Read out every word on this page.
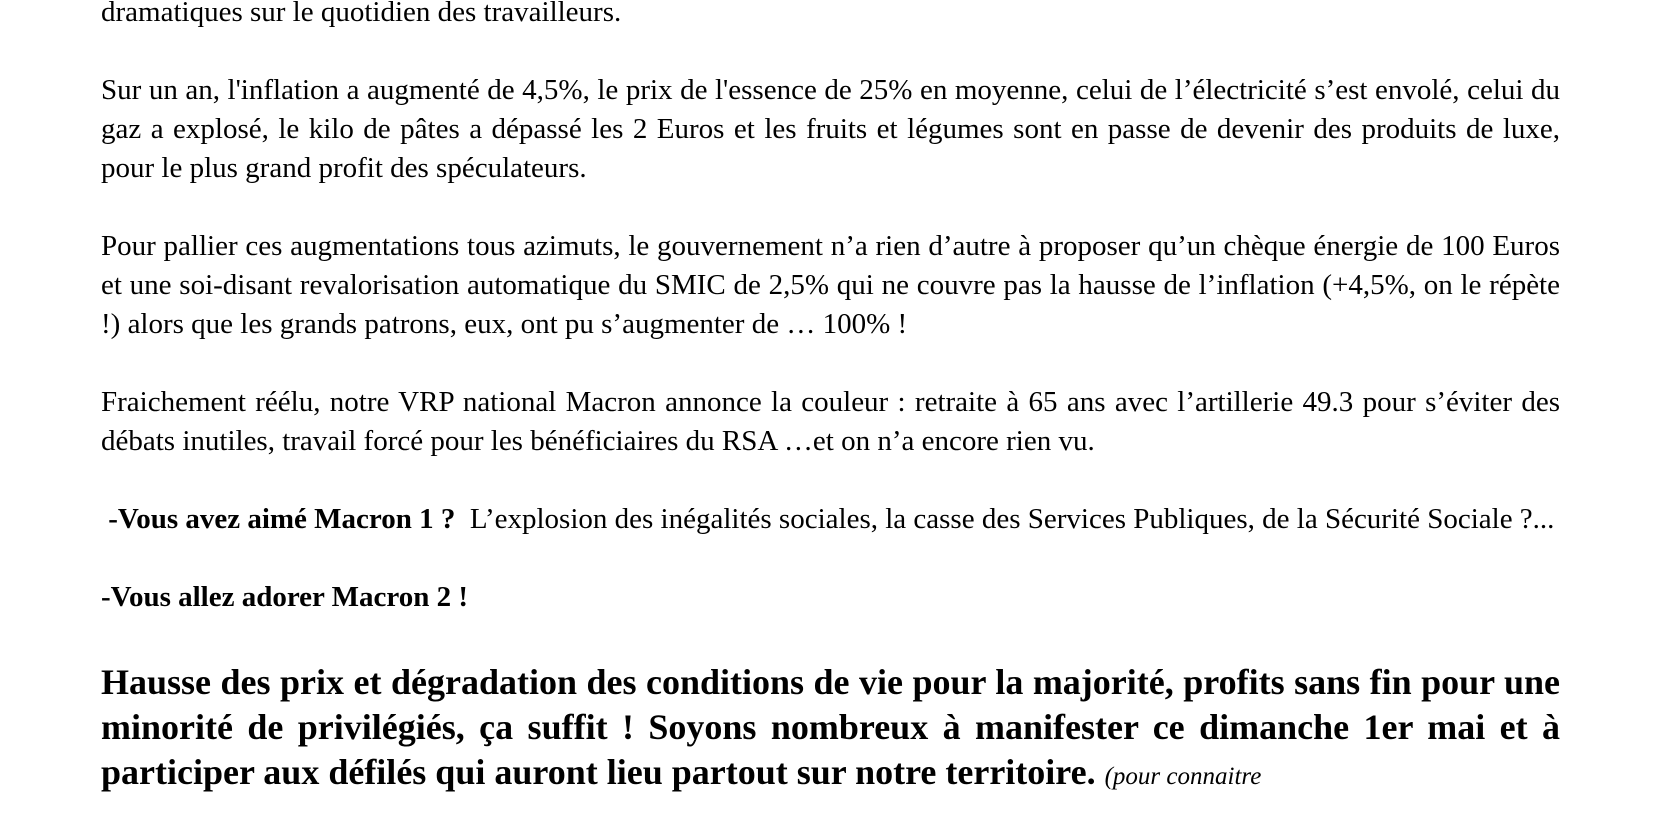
dramatiques sur le quotidien des travailleurs.

Sur un an, l'inflation a augmenté de 4,5%, le prix de l'essence de 25% en moyenne, celui de l’électricité s’est envolé, celui du gaz a explosé, le kilo de pâtes a dépassé les 2 Euros et les fruits et légumes sont en passe de devenir des produits de luxe, pour le plus grand profit des spéculateurs.

Pour pallier ces augmentations tous azimuts, le gouvernement n’a rien d’autre à proposer qu’un chèque énergie de 100 Euros et une soi-disant revalorisation automatique du SMIC de 2,5% qui ne couvre pas la hausse de l’inflation (+4,5%, on le répète !) alors que les grands patrons, eux, ont pu s’augmenter de … 100% !

Fraichement réélu, notre VRP national Macron annonce la couleur : retraite à 65 ans avec l’artillerie 49.3 pour s’éviter des débats inutiles, travail forcé pour les bénéficiaires du RSA …et on n’a encore rien vu.

-Vous avez aimé Macron 1 ? L’explosion des inégalités sociales, la casse des Services Publiques, de la Sécurité Sociale ?...

-Vous allez adorer Macron 2 !

Hausse des prix et dégradation des conditions de vie pour la majorité, profits sans fin pour une minorité de privilégiés, ça suffit ! Soyons nombreux à manifester ce dimanche 1er mai et à participer aux défilés qui auront lieu partout sur notre territoire. (pour connaitre
